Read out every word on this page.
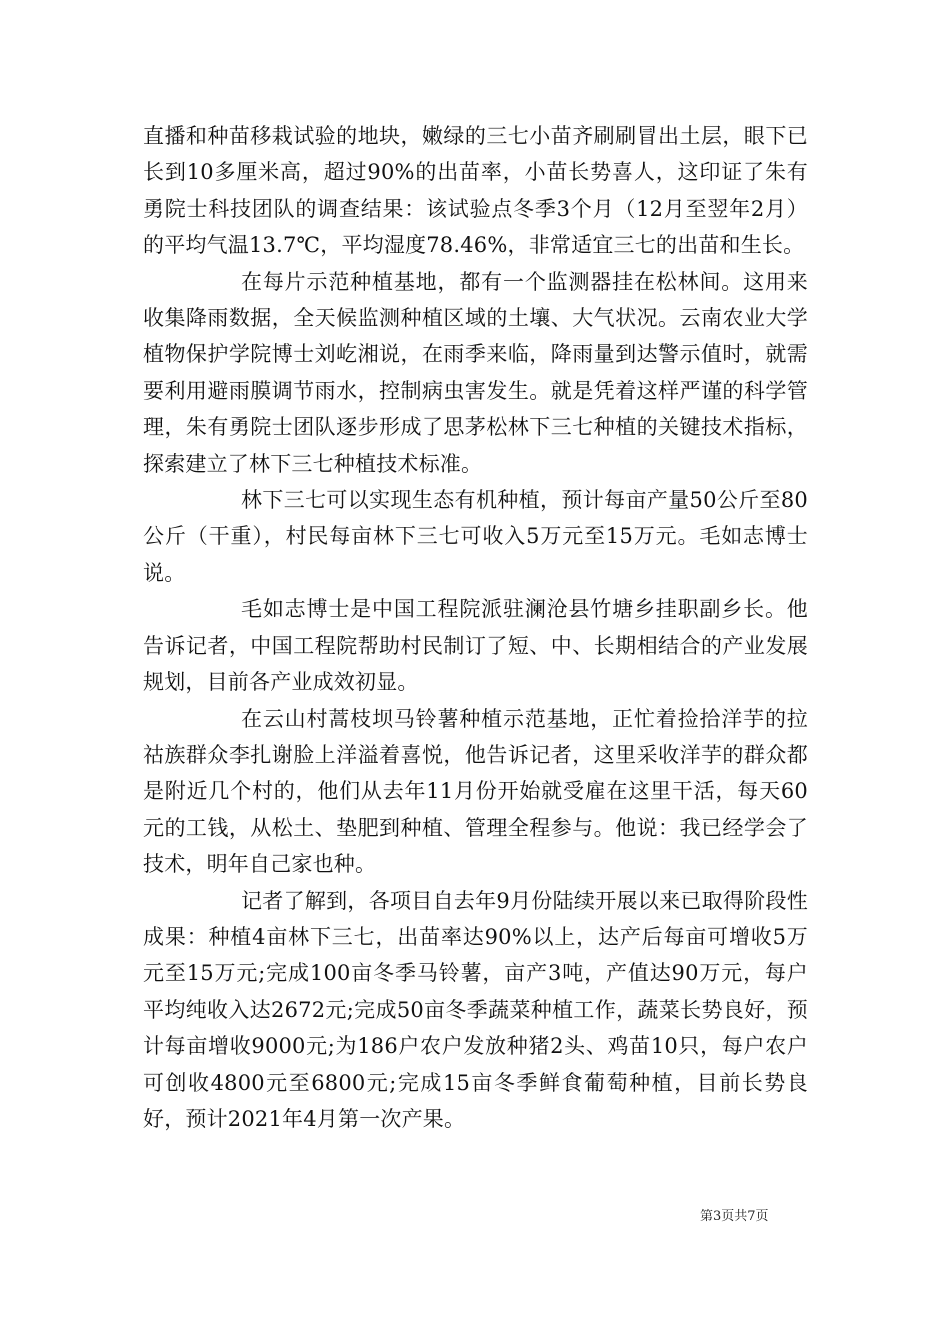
直播和种苗移栽试验的地块，嫩绿的三七小苗齐刷刷冒出土层，眼下已长到10多厘米高，超过90%的出苗率，小苗长势喜人，这印证了朱有勇院士科技团队的调查结果：该试验点冬季3个月（12月至翌年2月）的平均气温13.7℃，平均湿度78.46%，非常适宜三七的出苗和生长。

在每片示范种植基地，都有一个监测器挂在松林间。这用来收集降雨数据，全天候监测种植区域的土壤、大气状况。云南农业大学植物保护学院博士刘屹湘说，在雨季来临，降雨量到达警示值时，就需要利用避雨膜调节雨水，控制病虫害发生。就是凭着这样严谨的科学管理，朱有勇院士团队逐步形成了思茅松林下三七种植的关键技术指标，探索建立了林下三七种植技术标准。

林下三七可以实现生态有机种植，预计每亩产量50公斤至80公斤（干重），村民每亩林下三七可收入5万元至15万元。毛如志博士说。

毛如志博士是中国工程院派驻澜沧县竹塘乡挂职副乡长。他告诉记者，中国工程院帮助村民制订了短、中、长期相结合的产业发展规划，目前各产业成效初显。

在云山村蒿枝坝马铃薯种植示范基地，正忙着捡拾洋芋的拉祜族群众李扎谢脸上洋溢着喜悦，他告诉记者，这里采收洋芋的群众都是附近几个村的，他们从去年11月份开始就受雇在这里干活，每天60元的工钱，从松土、垫肥到种植、管理全程参与。他说：我已经学会了技术，明年自己家也种。

记者了解到，各项目自去年9月份陆续开展以来已取得阶段性成果：种植4亩林下三七，出苗率达90%以上，达产后每亩可增收5万元至15万元;完成100亩冬季马铃薯，亩产3吨，产值达90万元，每户平均纯收入达2672元;完成50亩冬季蔬菜种植工作，蔬菜长势良好，预计每亩增收9000元;为186户农户发放种猪2头、鸡苗10只，每户农户可创收4800元至6800元;完成15亩冬季鲜食葡萄种植，目前长势良好，预计2021年4月第一次产果。

第3页共7页
